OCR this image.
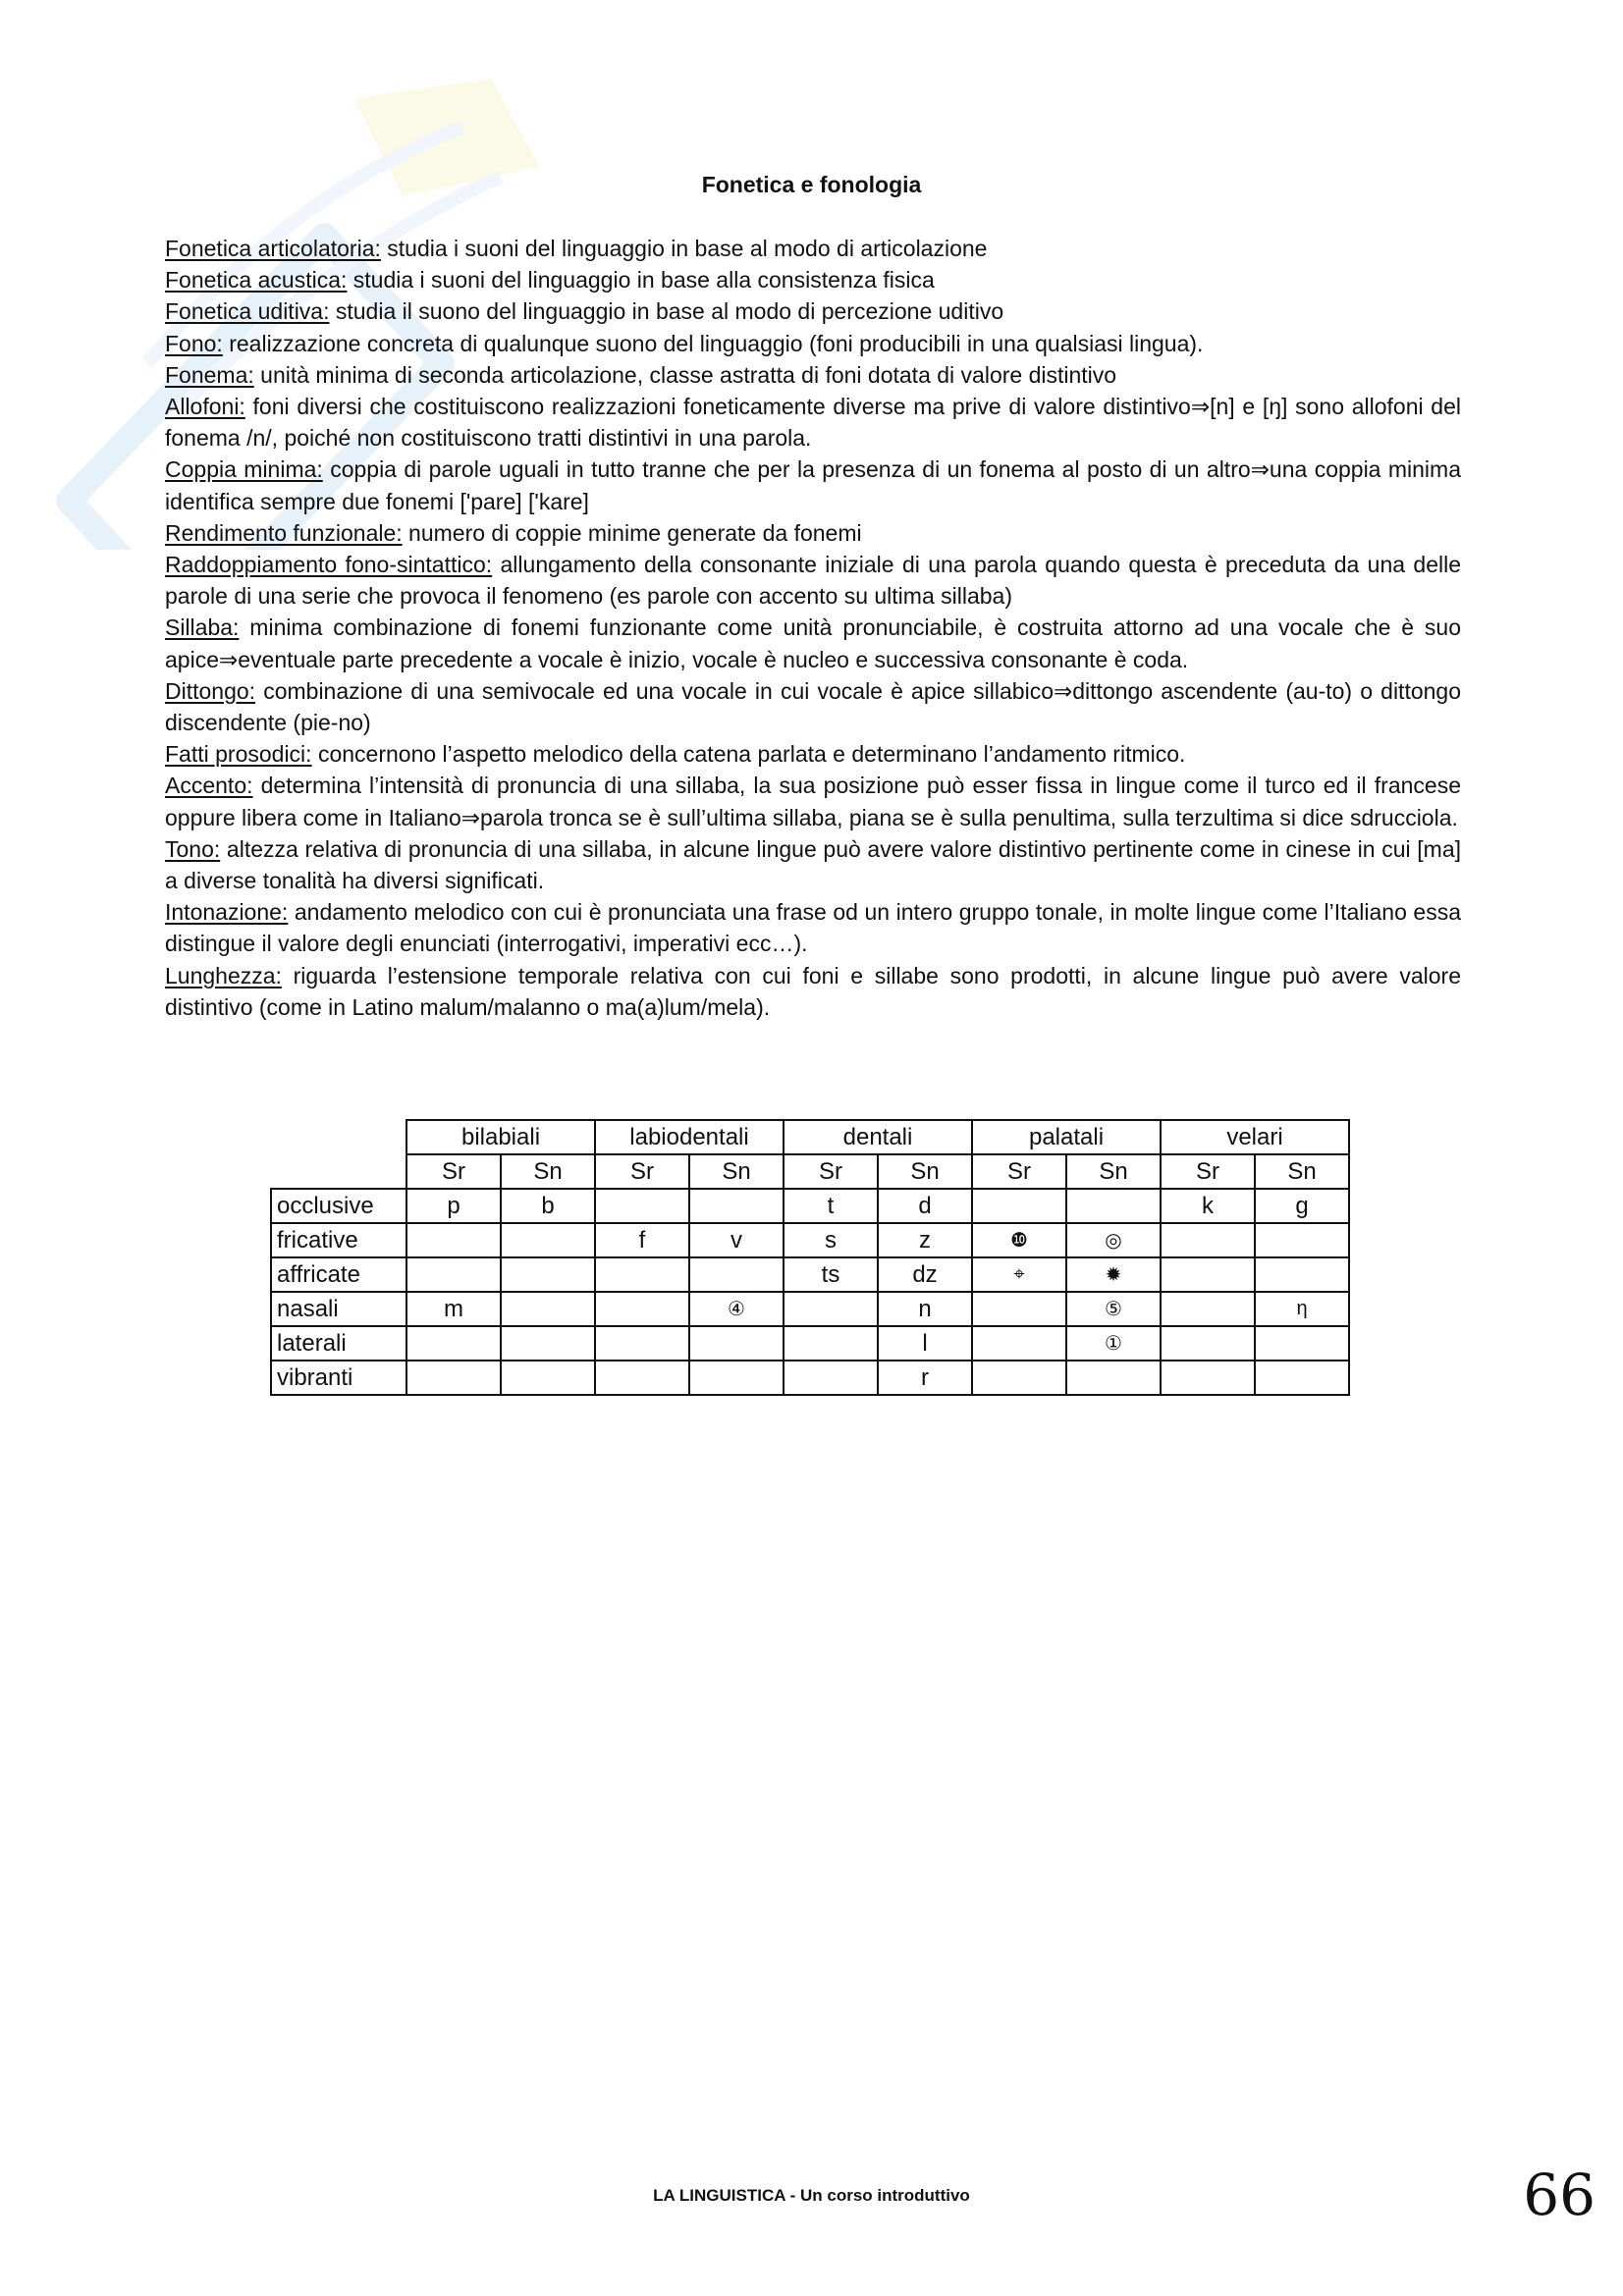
Fonetica e fonologia

Fonetica articolatoria: studia i suoni del linguaggio in base al modo di articolazione

Fonetica acustica: studia i suoni del linguaggio in base alla consistenza fisica

Fonetica uditiva: studia il suono del linguaggio in base al modo di percezione uditivo

Fono: realizzazione concreta di qualunque suono del linguaggio (foni producibili in una qualsiasi lingua).

Fonema: unità minima di seconda articolazione, classe astratta di foni dotata di valore distintivo

Allofoni: foni diversi che costituiscono realizzazioni foneticamente diverse ma prive di valore distintivo⇒[n] e [ŋ] sono allofoni del fonema /n/, poiché non costituiscono tratti distintivi in una parola.

Coppia minima: coppia di parole uguali in tutto tranne che per la presenza di un fonema al posto di un altro⇒una coppia minima identifica sempre due fonemi ['pare] ['kare]

Rendimento funzionale: numero di coppie minime generate da fonemi

Raddoppiamento fono-sintattico: allungamento della consonante iniziale di una parola quando questa è preceduta da una delle parole di una serie che provoca il fenomeno (es parole con accento su ultima sillaba)

Sillaba: minima combinazione di fonemi funzionante come unità pronunciabile, è costruita attorno ad una vocale che è suo apice⇒eventuale parte precedente a vocale è inizio, vocale è nucleo e successiva consonante è coda.

Dittongo: combinazione di una semivocale ed una vocale in cui vocale è apice sillabico⇒dittongo ascendente (au-to) o dittongo discendente (pie-no)

Fatti prosodici: concernono l’aspetto melodico della catena parlata e determinano l’andamento ritmico.

Accento: determina l’intensità di pronuncia di una sillaba, la sua posizione può esser fissa in lingue come il turco ed il francese oppure libera come in Italiano⇒parola tronca se è sull’ultima sillaba, piana se è sulla penultima, sulla terzultima si dice sdrucciola.

Tono: altezza relativa di pronuncia di una sillaba, in alcune lingue può avere valore distintivo pertinente come in cinese in cui [ma] a diverse tonalità ha diversi significati.

Intonazione: andamento melodico con cui è pronunciata una frase od un intero gruppo tonale, in molte lingue come l’Italiano essa distingue il valore degli enunciati (interrogativi, imperativi ecc…).

Lunghezza: riguarda l’estensione temporale relativa con cui foni e sillabe sono prodotti, in alcune lingue può avere valore distintivo (come in Latino malum/malanno o ma(a)lum/mela).

	bilabiali		labiodentali		dentali		palatali		velari	
	Sr	Sn	Sr	Sn	Sr	Sn	Sr	Sn	Sr	Sn
occlusive	p	b			t	d			k	g
fricative			f	v	s	z	❿	◎		
affricate					ts	dz	⌖	✹		
nasali	m			④		n		⑤		η
laterali						l		①		
vibranti						r				
LA LINGUISTICA - Un corso introduttivo	66
